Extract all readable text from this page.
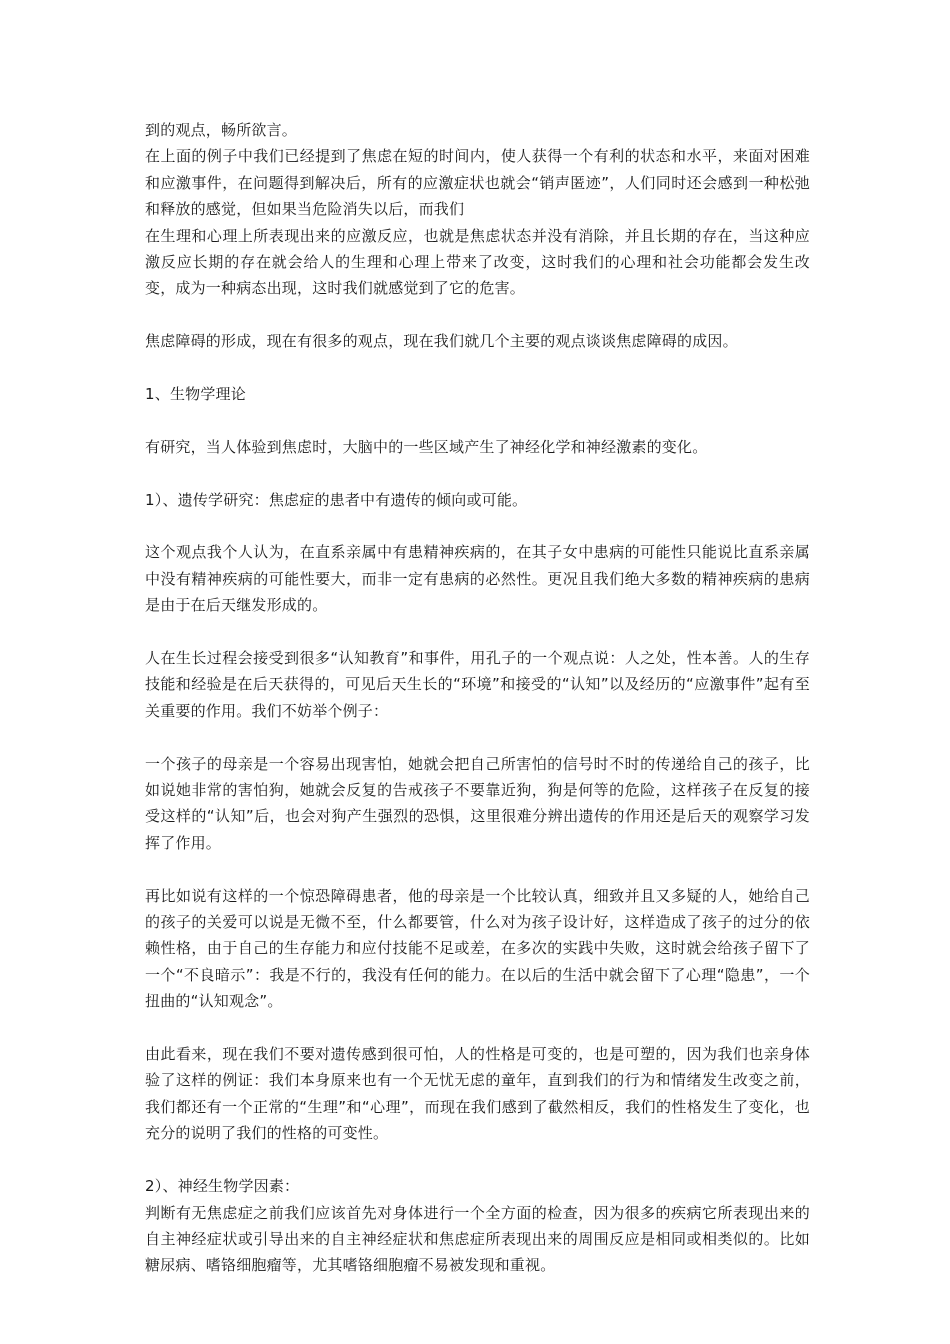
到的观点，畅所欲言。

在上面的例子中我们已经提到了焦虑在短的时间内，使人获得一个有利的状态和水平，来面对困难和应激事件，在问题得到解决后，所有的应激症状也就会“销声匿迹”，人们同时还会感到一种松弛和释放的感觉，但如果当危险消失以后，而我们

在生理和心理上所表现出来的应激反应，也就是焦虑状态并没有消除，并且长期的存在，当这种应激反应长期的存在就会给人的生理和心理上带来了改变，这时我们的心理和社会功能都会发生改变，成为一种病态出现，这时我们就感觉到了它的危害。

焦虑障碍的形成，现在有很多的观点，现在我们就几个主要的观点谈谈焦虑障碍的成因。

1、生物学理论

有研究，当人体验到焦虑时，大脑中的一些区域产生了神经化学和神经激素的变化。

1）、遗传学研究：焦虑症的患者中有遗传的倾向或可能。

这个观点我个人认为，在直系亲属中有患精神疾病的，在其子女中患病的可能性只能说比直系亲属中没有精神疾病的可能性要大，而非一定有患病的必然性。更况且我们绝大多数的精神疾病的患病是由于在后天继发形成的。

人在生长过程会接受到很多“认知教育”和事件，用孔子的一个观点说：人之处，性本善。人的生存技能和经验是在后天获得的，可见后天生长的“环境”和接受的“认知”以及经历的“应激事件”起有至关重要的作用。我们不妨举个例子：

一个孩子的母亲是一个容易出现害怕，她就会把自己所害怕的信号时不时的传递给自己的孩子，比如说她非常的害怕狗，她就会反复的告戒孩子不要靠近狗，狗是何等的危险，这样孩子在反复的接受这样的“认知”后，也会对狗产生强烈的恐惧，这里很难分辨出遗传的作用还是后天的观察学习发挥了作用。

再比如说有这样的一个惊恐障碍患者，他的母亲是一个比较认真，细致并且又多疑的人，她给自己的孩子的关爱可以说是无微不至，什么都要管，什么对为孩子设计好，这样造成了孩子的过分的依赖性格，由于自己的生存能力和应付技能不足或差，在多次的实践中失败，这时就会给孩子留下了一个“不良暗示”：我是不行的，我没有任何的能力。在以后的生活中就会留下了心理“隐患”，一个扭曲的“认知观念”。

由此看来，现在我们不要对遗传感到很可怕，人的性格是可变的，也是可塑的，因为我们也亲身体验了这样的例证：我们本身原来也有一个无忧无虑的童年，直到我们的行为和情绪发生改变之前，我们都还有一个正常的“生理”和“心理”，而现在我们感到了截然相反，我们的性格发生了变化，也充分的说明了我们的性格的可变性。

2）、神经生物学因素：

判断有无焦虑症之前我们应该首先对身体进行一个全方面的检查，因为很多的疾病它所表现出来的自主神经症状或引导出来的自主神经症状和焦虑症所表现出来的周围反应是相同或相类似的。比如糖尿病、嗜铬细胞瘤等，尤其嗜铬细胞瘤不易被发现和重视。
